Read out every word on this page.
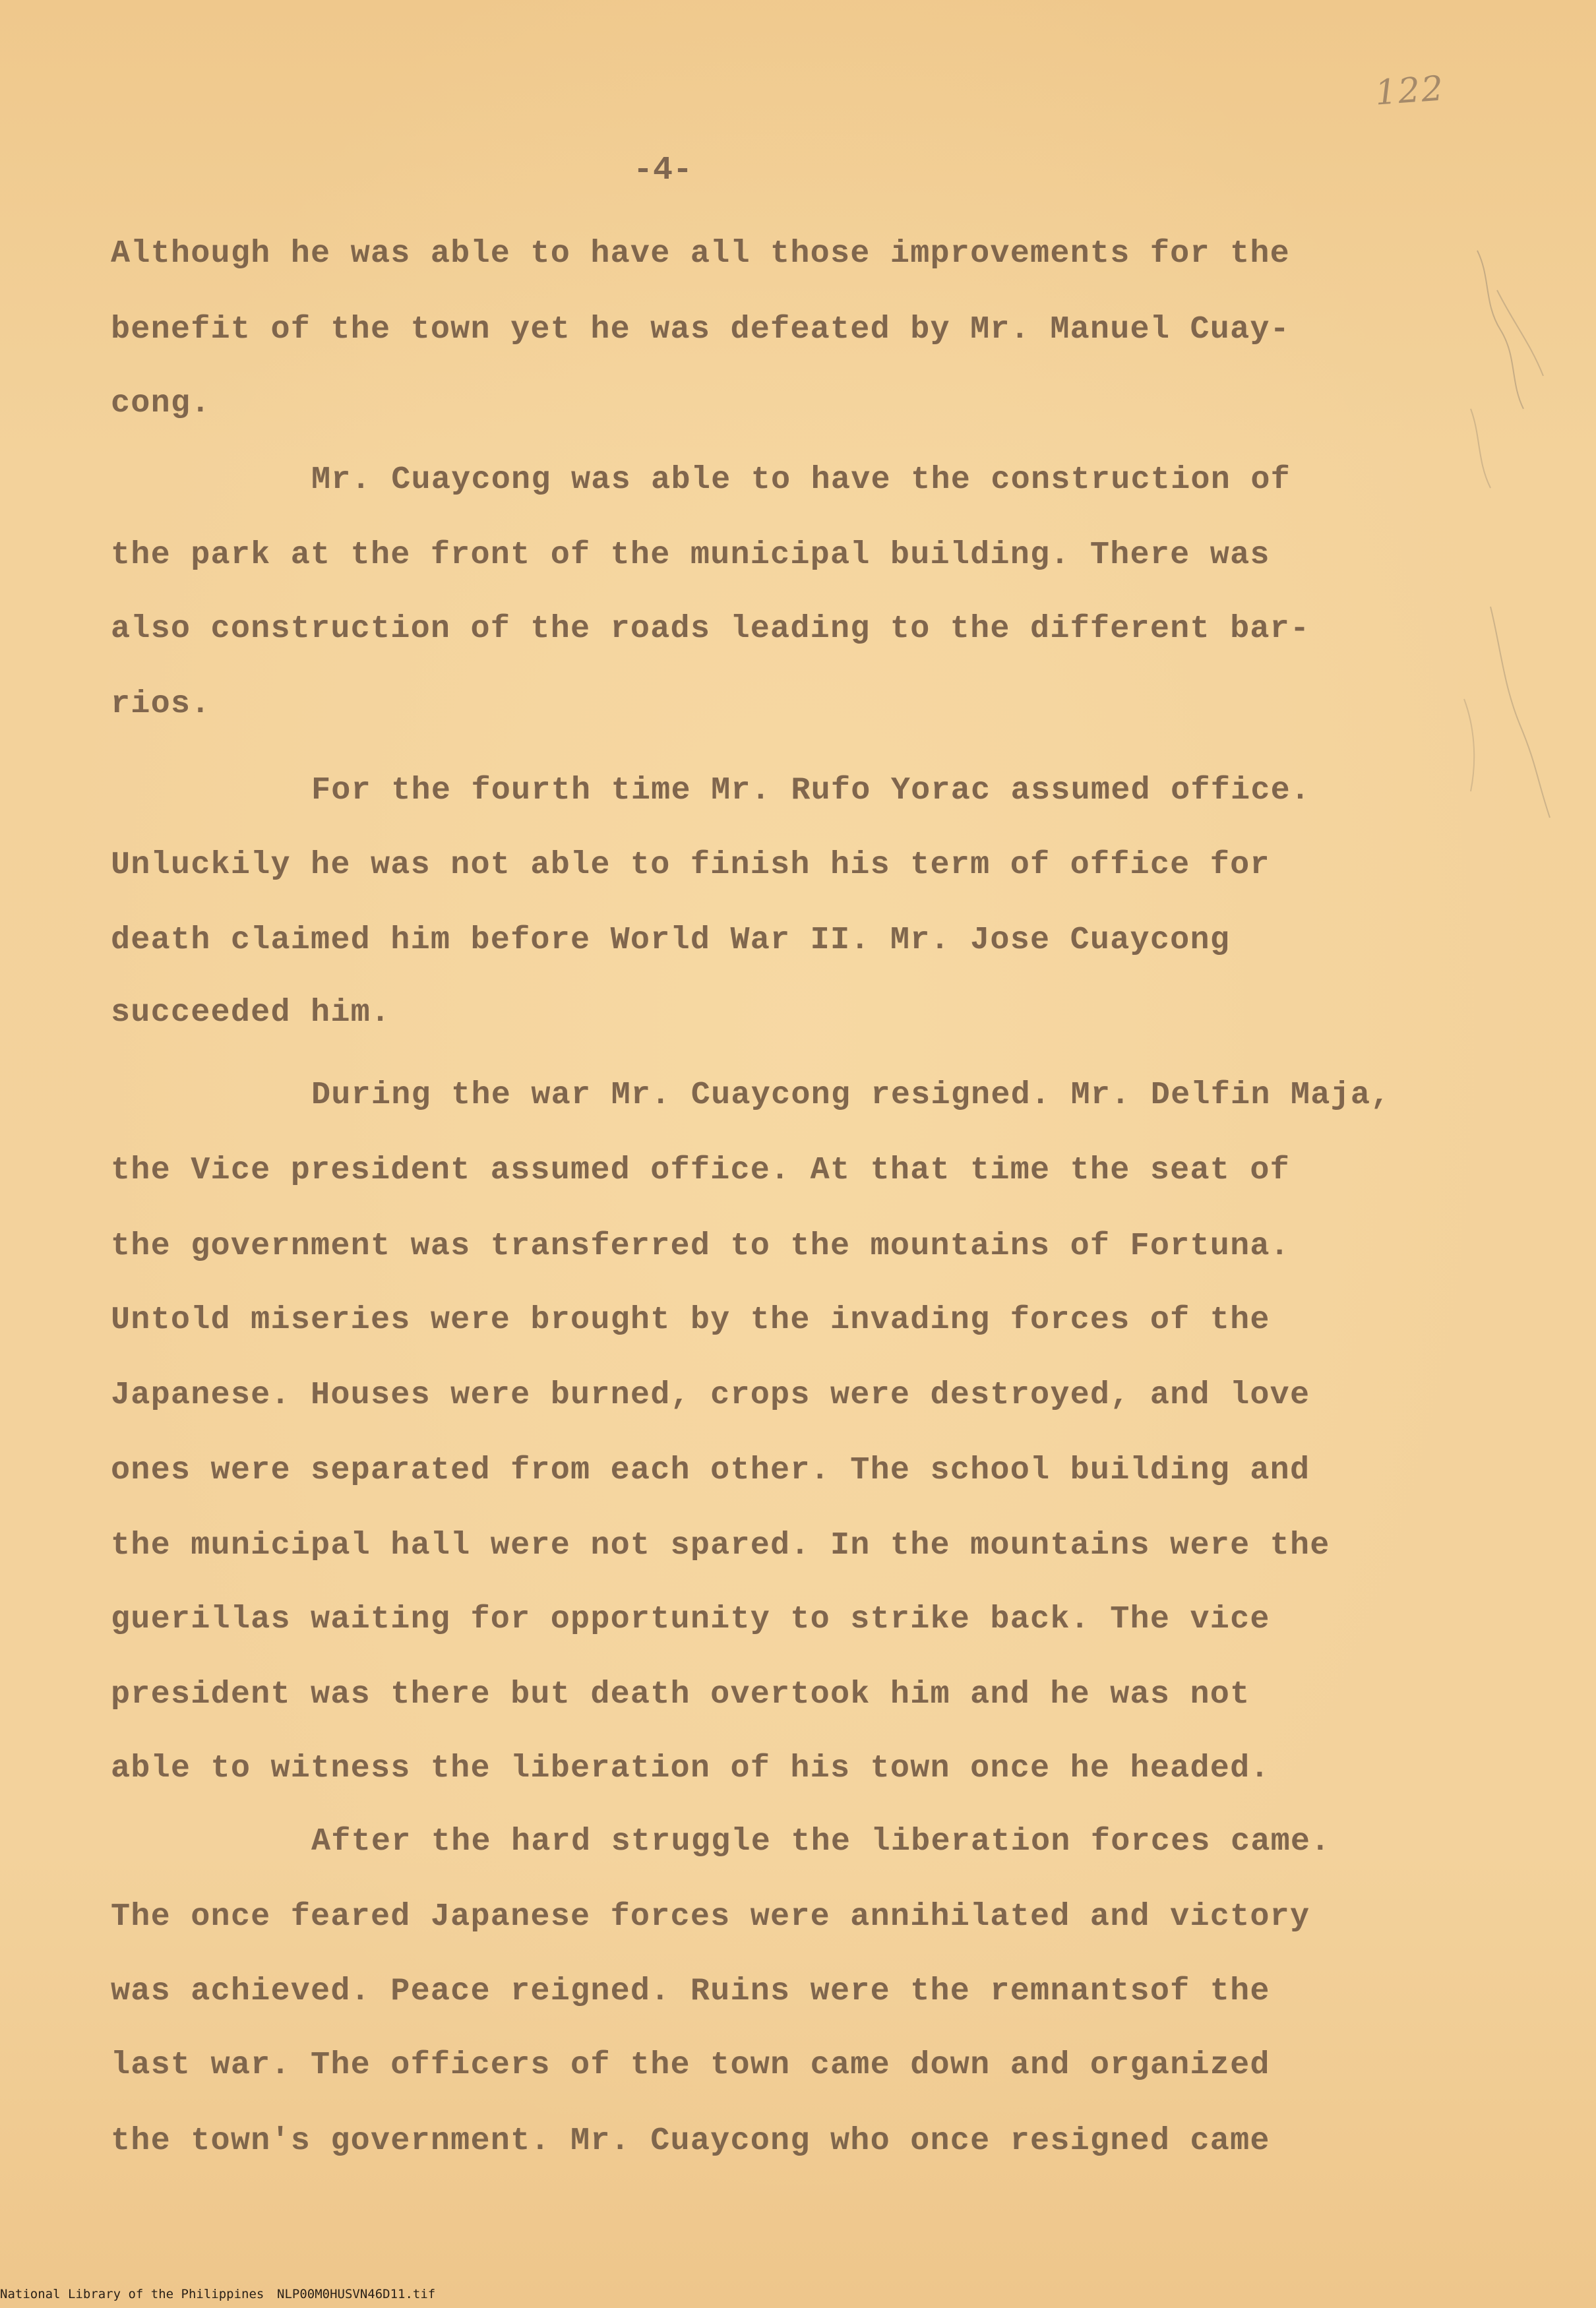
122
-4-
Although he was able to have all those improvements for the
benefit of the town yet he was defeated by Mr. Manuel Cuay-
cong.
Mr. Cuaycong was able to have the construction of
the park at the front of the municipal building. There was
also construction of the roads leading to the different bar-
rios.
For the fourth time Mr. Rufo Yorac assumed office.
Unluckily he was not able to finish his term of office for
death claimed him before World War II. Mr. Jose Cuaycong
succeeded him.
During the war Mr. Cuaycong resigned. Mr. Delfin Maja,
the Vice president assumed office. At that time the seat of
the government was transferred to the mountains of Fortuna.
Untold miseries were brought by the invading forces of the
Japanese. Houses were burned, crops were destroyed, and love
ones were separated from each other. The school building and
the municipal hall were not spared. In the mountains were the
guerillas waiting for opportunity to strike back. The vice
president was there but death overtook him and he was not
able to witness the liberation of his town once he headed.
After the hard struggle the liberation forces came.
The once feared Japanese forces were annihilated and victory
was achieved. Peace reigned. Ruins were the remnantsof the
last war. The officers of the town came down and organized
the town's government. Mr. Cuaycong who once resigned came
National Library of the Philippines NLP00M0HUSVN46D11.tif
